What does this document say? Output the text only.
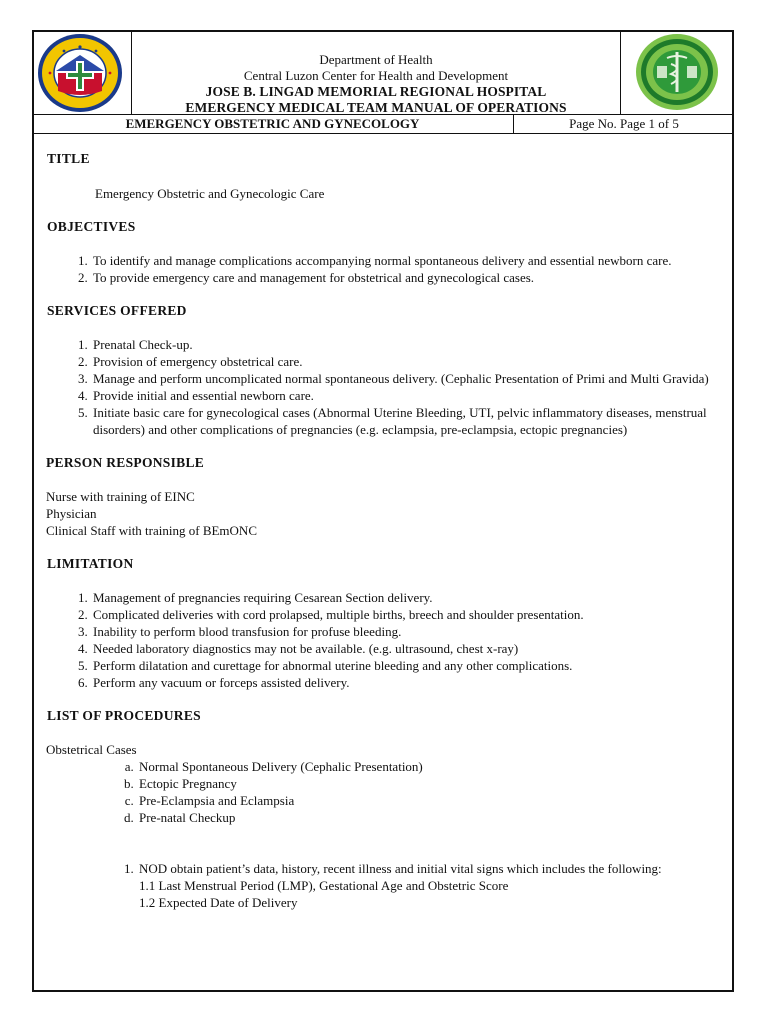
Department of Health
Central Luzon Center for Health and Development
JOSE B. LINGAD MEMORIAL REGIONAL HOSPITAL
EMERGENCY MEDICAL TEAM MANUAL OF OPERATIONS
EMERGENCY OBSTETRIC AND GYNECOLOGY	Page No. Page 1 of 5
TITLE

Emergency Obstetric and Gynecologic Care

OBJECTIVES
1. To identify and manage complications accompanying normal spontaneous delivery and essential newborn care.
2. To provide emergency care and management for obstetrical and gynecological cases.
SERVICES OFFERED
1. Prenatal Check-up.
2. Provision of emergency obstetrical care.
3. Manage and perform uncomplicated normal spontaneous delivery. (Cephalic Presentation of Primi and Multi Gravida)
4. Provide initial and essential newborn care.
5. Initiate basic care for gynecological cases (Abnormal Uterine Bleeding, UTI, pelvic inflammatory diseases, menstrual disorders) and other complications of pregnancies (e.g. eclampsia, pre-eclampsia, ectopic pregnancies)
PERSON RESPONSIBLE

Nurse with training of EINC

Physician

Clinical Staff with training of BEmONC

LIMITATION
1. Management of pregnancies requiring Cesarean Section delivery.
2. Complicated deliveries with cord prolapsed, multiple births, breech and shoulder presentation.
3. Inability to perform blood transfusion for profuse bleeding.
4. Needed laboratory diagnostics may not be available. (e.g. ultrasound, chest x-ray)
5. Perform dilatation and curettage for abnormal uterine bleeding and any other complications.
6. Perform any vacuum or forceps assisted delivery.
LIST OF PROCEDURES

Obstetrical Cases

a. Normal Spontaneous Delivery (Cephalic Presentation)
b. Ectopic Pregnancy
c. Pre-Eclampsia and Eclampsia
d. Pre-natal Checkup
1. NOD obtain patient’s data, history, recent illness and initial vital signs which includes the following:
1.1 Last Menstrual Period (LMP), Gestational Age and Obstetric Score
1.2 Expected Date of Delivery
